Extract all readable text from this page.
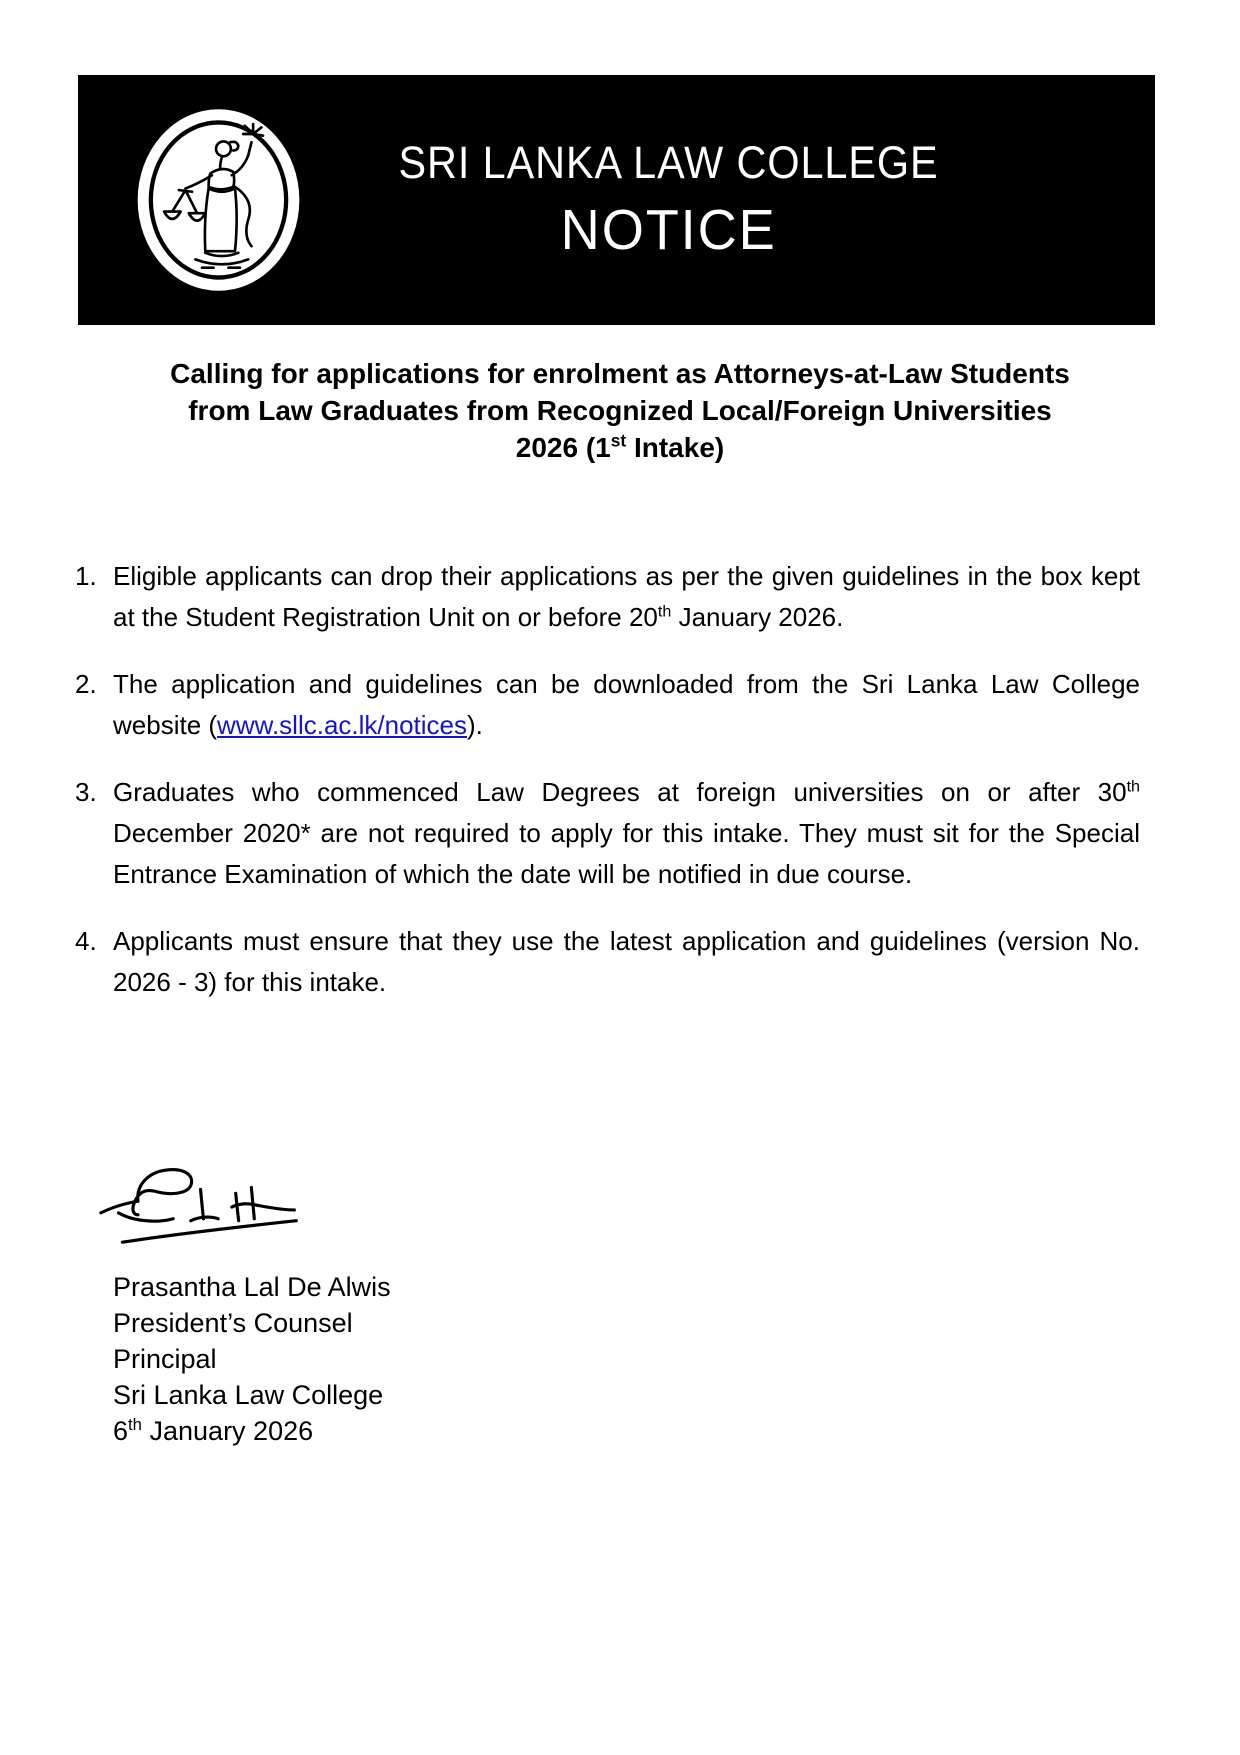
SRI LANKA LAW COLLEGE
NOTICE
Calling for applications for enrolment as Attorneys-at-Law Students
from Law Graduates from Recognized Local/Foreign Universities
2026 (1st Intake)
1. Eligible applicants can drop their applications as per the given guidelines in the box kept at the Student Registration Unit on or before 20th January 2026.
2. The application and guidelines can be downloaded from the Sri Lanka Law College website (www.sllc.ac.lk/notices).
3. Graduates who commenced Law Degrees at foreign universities on or after 30th December 2020* are not required to apply for this intake. They must sit for the Special Entrance Examination of which the date will be notified in due course.
4. Applicants must ensure that they use the latest application and guidelines (version No. 2026 - 3) for this intake.
Prasantha Lal De Alwis
President’s Counsel
Principal
Sri Lanka Law College
6th January 2026
